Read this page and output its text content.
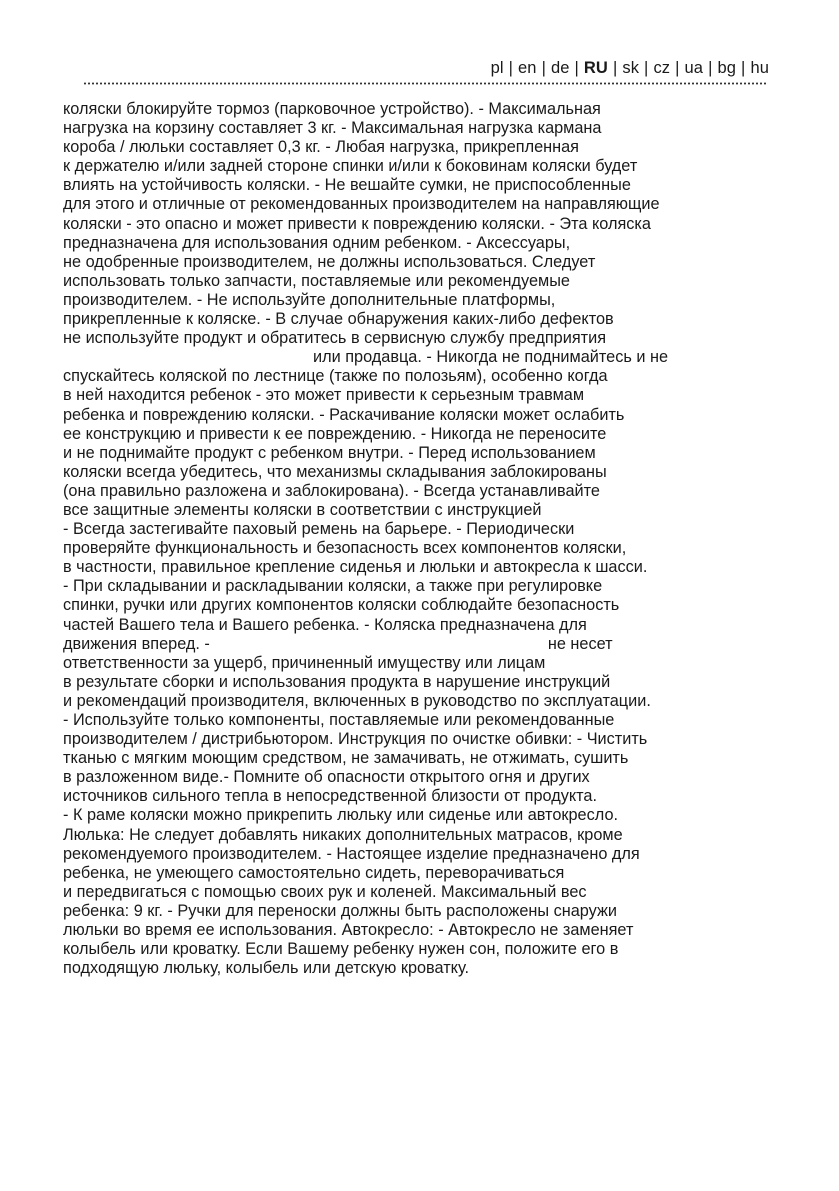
pl | en | de | RU | sk | cz | ua | bg | hu
коляски блокируйте тормоз (парковочное устройство). - Максимальная
нагрузка на корзину составляет 3 кг. - Максимальная нагрузка кармана
короба / люльки составляет 0,3 кг. - Любая нагрузка, прикрепленная
к держателю и/или задней стороне спинки и/или к боковинам коляски будет
влиять на устойчивость коляски. - Не вешайте сумки, не приспособленные
для этого и отличные от рекомендованных производителем на направляющие
коляски - это опасно и может привести к повреждению коляски. - Эта коляска
предназначена для использования одним ребенком. - Аксессуары,
не одобренные производителем, не должны использоваться. Следует
использовать только запчасти, поставляемые или рекомендуемые
производителем. - Не используйте дополнительные платформы,
прикрепленные к коляске. - В случае обнаружения каких-либо дефектов
не используйте продукт и обратитесь в сервисную службу предприятия
или продавца. - Никогда не поднимайтесь и не
спускайтесь коляской по лестнице (также по полозьям), особенно когда
в ней находится ребенок - это может привести к серьезным травмам
ребенка и повреждению коляски. - Раскачивание коляски может ослабить
ее конструкцию и привести к ее повреждению. - Никогда не переносите
и не поднимайте продукт с ребенком внутри. - Перед использованием
коляски всегда убедитесь, что механизмы складывания заблокированы
(она правильно разложена и заблокирована). - Всегда устанавливайте
все защитные элементы коляски в соответствии с инструкцией
- Всегда застегивайте паховый ремень на барьере. - Периодически
проверяйте функциональность и безопасность всех компонентов коляски,
в частности, правильное крепление сиденья и люльки и автокресла к шасси.
- При складывании и раскладывании коляски, а также при регулировке
спинки, ручки или других компонентов коляски соблюдайте безопасность
частей Вашего тела и Вашего ребенка. - Коляска предназначена для
движения вперед. -	не несет
ответственности за ущерб, причиненный имуществу или лицам
в результате сборки и использования продукта в нарушение инструкций
и рекомендаций производителя, включенных в руководство по эксплуатации.
- Используйте только компоненты, поставляемые или рекомендованные
производителем / дистрибьютором. Инструкция по очистке обивки: - Чистить
тканью с мягким моющим средством, не замачивать, не отжимать, сушить
в разложенном виде.- Помните об опасности открытого огня и других
источников сильного тепла в непосредственной близости от продукта.
- К раме коляски можно прикрепить люльку или сиденье или автокресло.
Люлька: Не следует добавлять никаких дополнительных матрасов, кроме
рекомендуемого производителем. - Настоящее изделие предназначено для
ребенка, не умеющего самостоятельно сидеть, переворачиваться
и передвигаться с помощью своих рук и коленей. Максимальный вес
ребенка: 9 кг. - Ручки для переноски должны быть расположены снаружи
люльки во время ее использования. Автокресло: - Автокресло не заменяет
колыбель или кроватку. Если Вашему ребенку нужен сон, положите его в
подходящую люльку, колыбель или детскую кроватку.
